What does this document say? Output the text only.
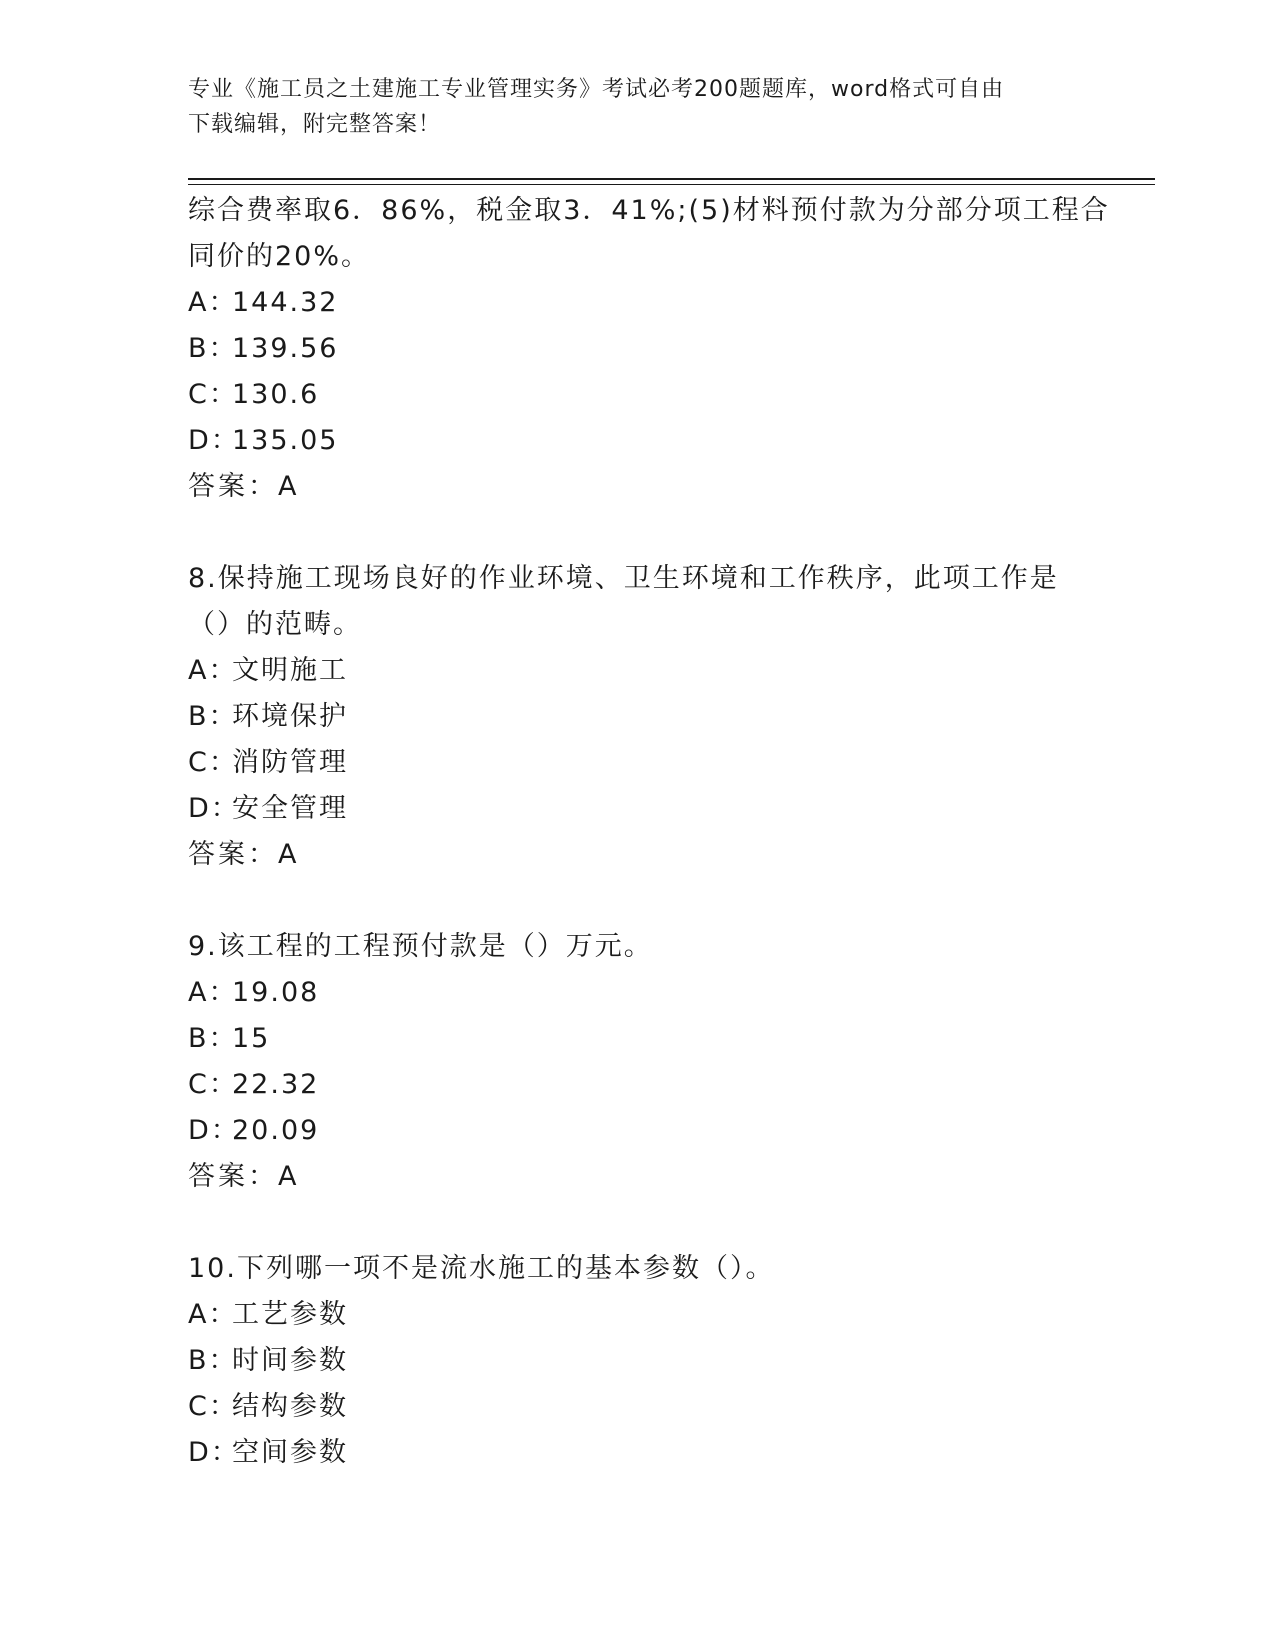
专业《施工员之土建施工专业管理实务》考试必考200题题库，word格式可自由
下载编辑，附完整答案！
综合费率取6．86%，税金取3．41%;(5)材料预付款为分部分项工程合
同价的20%。
A：144.32
B：139.56
C：130.6
D：135.05
答案：A
8.保持施工现场良好的作业环境、卫生环境和工作秩序，此项工作是
（）的范畴。
A：文明施工
B：环境保护
C：消防管理
D：安全管理
答案：A
9.该工程的工程预付款是（）万元。
A：19.08
B：15
C：22.32
D：20.09
答案：A
10.下列哪一项不是流水施工的基本参数（）。
A：工艺参数
B：时间参数
C：结构参数
D：空间参数
